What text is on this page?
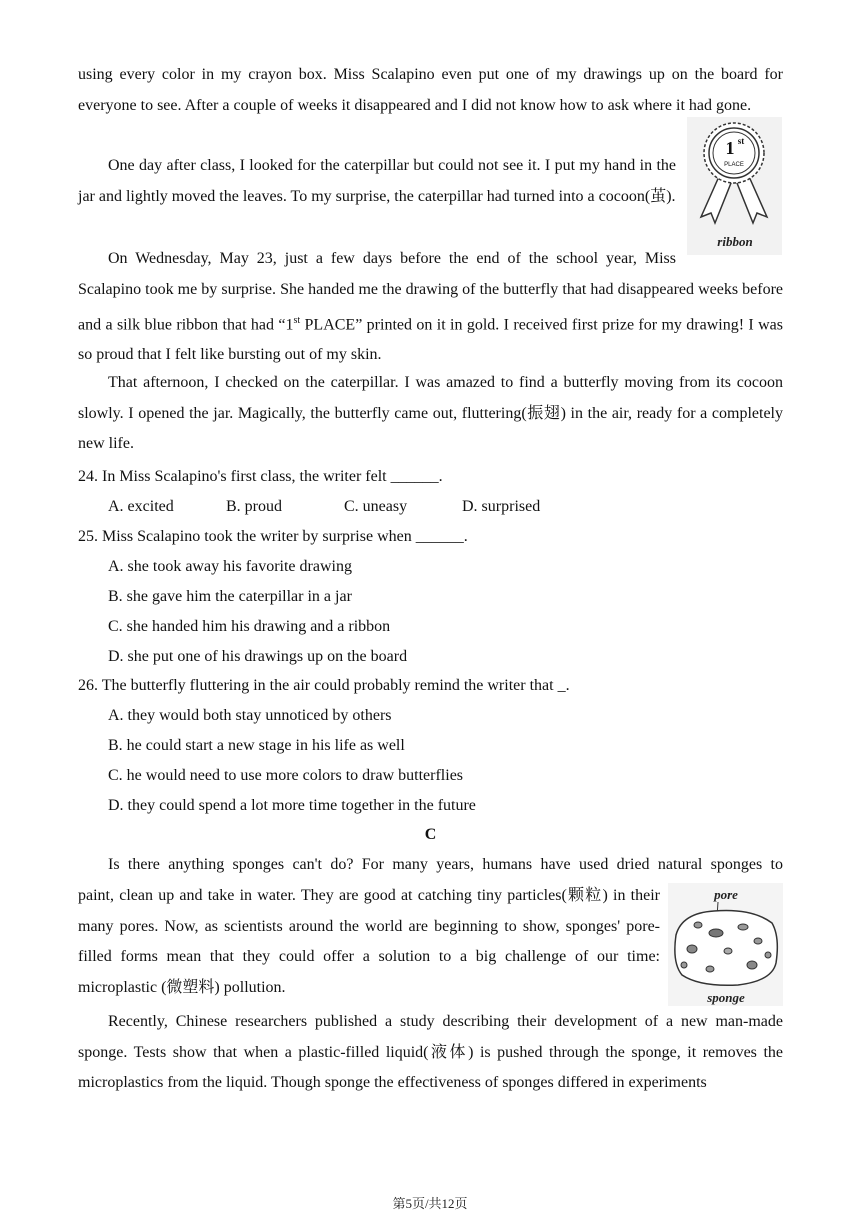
using every color in my crayon box. Miss Scalapino even put one of my drawings up on the board for everyone to see. After a couple of weeks it disappeared and I did not know how to ask where it had gone.

One day after class, I looked for the caterpillar but could not see it. I put my hand in the jar and lightly moved the leaves. To my surprise, the caterpillar had turned into a cocoon(茧).

On Wednesday, May 23, just a few days before the end of the school year, Miss

Scalapino took me by surprise. She handed me the drawing of the butterfly that had disappeared weeks before and a silk blue ribbon that had “1st PLACE” printed on it in gold. I received first prize for my drawing! I was so proud that I felt like bursting out of my skin.

That afternoon, I checked on the caterpillar. I was amazed to find a butterfly moving from its cocoon slowly. I opened the jar. Magically, the butterfly came out, fluttering(振翅) in the air, ready for a completely new life.

24. In Miss Scalapino's first class, the writer felt ______.

A. excited	B. proud	C. uneasy	D. surprised

25. Miss Scalapino took the writer by surprise when ______.

A. she took away his favorite drawing

B. she gave him the caterpillar in a jar

C. she handed him his drawing and a ribbon

D. she put one of his drawings up on the board

26. The butterfly fluttering in the air could probably remind the writer that _.

A. they would both stay unnoticed by others

B. he could start a new stage in his life as well

C. he would need to use more colors to draw butterflies

D. they could spend a lot more time together in the future

C

Is there anything sponges can't do? For many years, humans have used dried natural sponges to

paint, clean up and take in water. They are good at catching tiny particles(颗粒) in their many pores. Now, as scientists around the world are beginning to show, sponges' pore-filled forms mean that they could offer a solution to a big challenge of our time: microplastic (微塑料) pollution.

Recently, Chinese researchers published a study describing their development of a new man-made sponge. Tests show that when a plastic-filled liquid(液体) is pushed through the sponge, it removes the microplastics from the liquid. Though sponge the effectiveness of sponges differed in experiments

1 st
PLACE
ribbon
pore
sponge
第5页/共12页
